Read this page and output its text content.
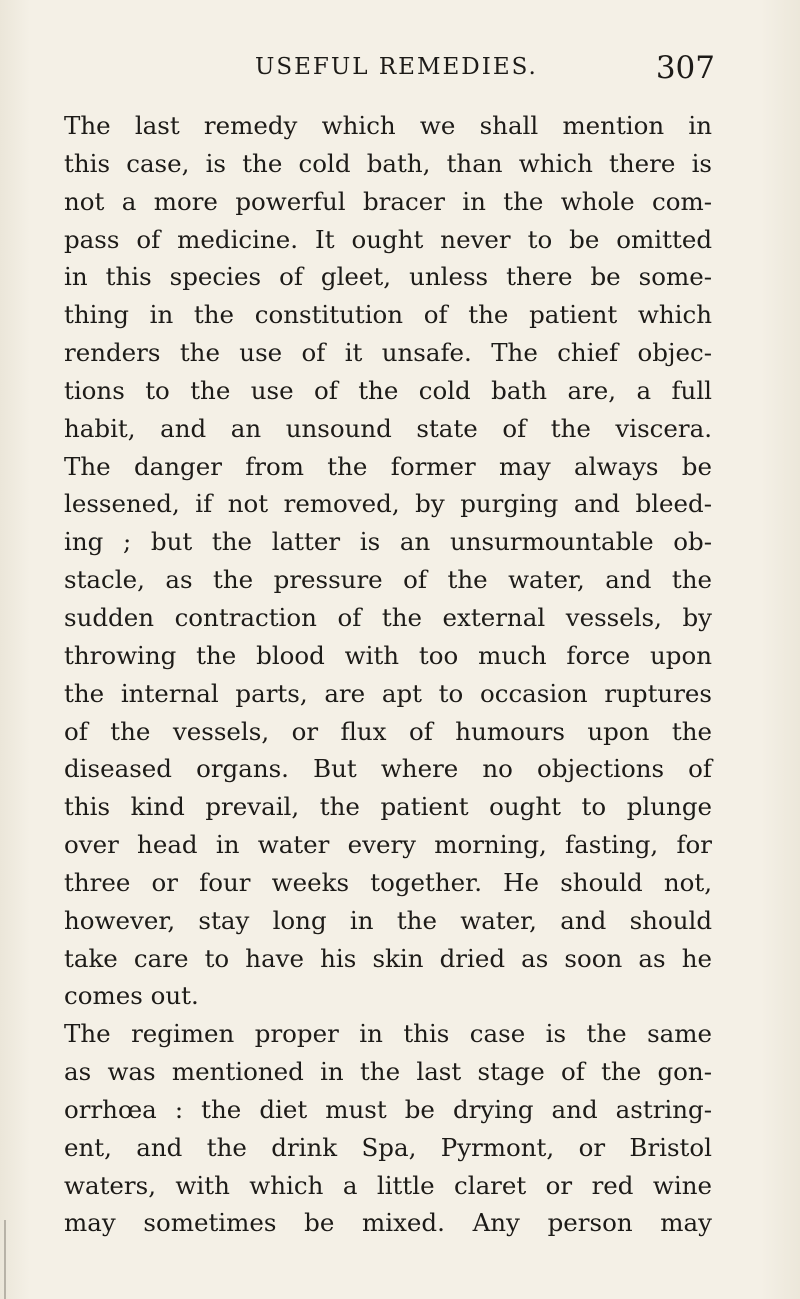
USEFUL REMEDIES.	307
The last remedy which we shall mention in
this case, is the cold bath, than which there is
not a more powerful bracer in the whole com-
pass of medicine. It ought never to be omitted
in this species of gleet, unless there be some-
thing in the constitution of the patient which
renders the use of it unsafe. The chief objec-
tions to the use of the cold bath are, a full
habit, and an unsound state of the viscera.
The danger from the former may always be
lessened, if not removed, by purging and bleed-
ing ; but the latter is an unsurmountable ob-
stacle, as the pressure of the water, and the
sudden contraction of the external vessels, by
throwing the blood with too much force upon
the internal parts, are apt to occasion ruptures
of the vessels, or flux of humours upon the
diseased organs. But where no objections of
this kind prevail, the patient ought to plunge
over head in water every morning, fasting, for
three or four weeks together. He should not,
however, stay long in the water, and should
take care to have his skin dried as soon as he
comes out.
The regimen proper in this case is the same
as was mentioned in the last stage of the gon-
orrhœa : the diet must be drying and astring-
ent, and the drink Spa, Pyrmont, or Bristol
waters, with which a little claret or red wine
may sometimes be mixed. Any person may
